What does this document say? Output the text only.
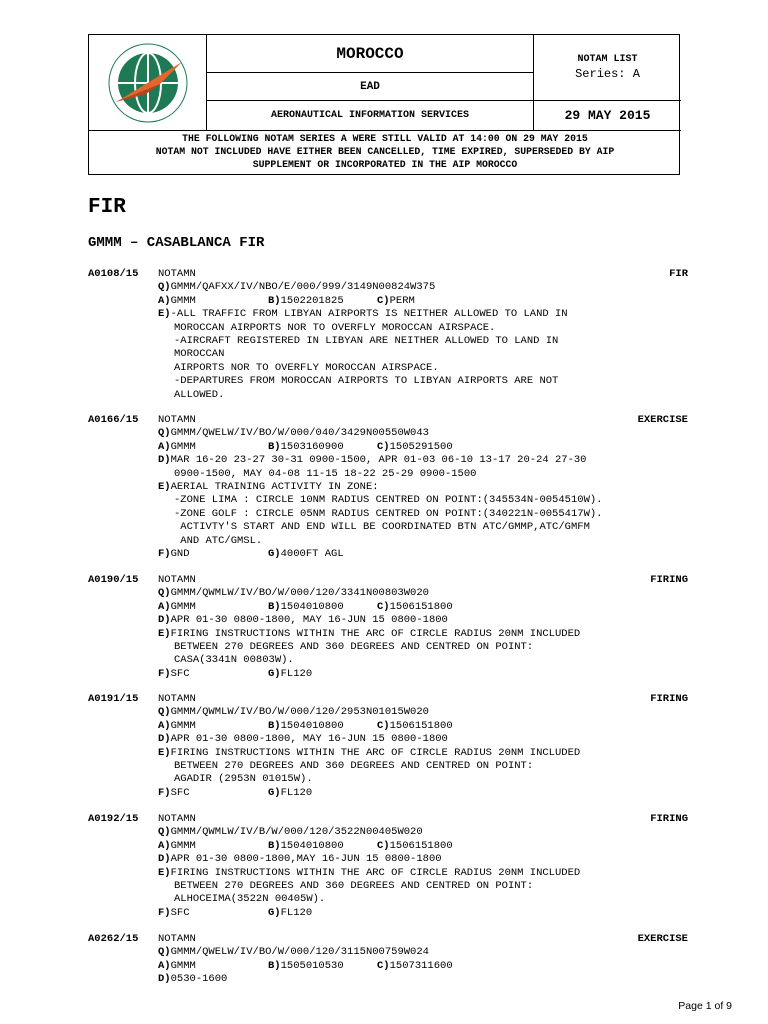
MOROCCO
EAD
AERONAUTICAL INFORMATION SERVICES
NOTAM LIST
Series: A
29 MAY 2015
THE FOLLOWING NOTAM SERIES A WERE STILL VALID AT 14:00 ON 29 MAY 2015
NOTAM NOT INCLUDED HAVE EITHER BEEN CANCELLED, TIME EXPIRED, SUPERSEDED BY AIP
SUPPLEMENT OR INCORPORATED IN THE AIP MOROCCO
FIR
GMMM – CASABLANCA FIR
A0108/15 NOTAMN	FIR
Q)GMMM/QAFXX/IV/NBO/E/000/999/3149N00824W375
A)GMMM	B)1502201825	C)PERM
E)-ALL TRAFFIC FROM LIBYAN AIRPORTS IS NEITHER ALLOWED TO LAND IN
MOROCCAN AIRPORTS NOR TO OVERFLY MOROCCAN AIRSPACE.
-AIRCRAFT REGISTERED IN LIBYAN ARE NEITHER ALLOWED TO LAND IN
MOROCCAN
AIRPORTS NOR TO OVERFLY MOROCCAN AIRSPACE.
-DEPARTURES FROM MOROCCAN AIRPORTS TO LIBYAN AIRPORTS ARE NOT
ALLOWED.
A0166/15 NOTAMN	EXERCISE
Q)GMMM/QWELW/IV/BO/W/000/040/3429N00550W043
A)GMMM	B)1503160900	C)1505291500
D)MAR 16-20 23-27 30-31 0900-1500, APR 01-03 06-10 13-17 20-24 27-30
0900-1500, MAY 04-08 11-15 18-22 25-29 0900-1500
E)AERIAL TRAINING ACTIVITY IN ZONE:
-ZONE LIMA : CIRCLE 10NM RADIUS CENTRED ON POINT:(345534N-0054510W).
-ZONE GOLF : CIRCLE 05NM RADIUS CENTRED ON POINT:(340221N-0055417W).
ACTIVTY'S START AND END WILL BE COORDINATED BTN ATC/GMMP,ATC/GMFM
AND ATC/GMSL.
F)GND	G)4000FT AGL
A0190/15 NOTAMN	FIRING
Q)GMMM/QWMLW/IV/BO/W/000/120/3341N00803W020
A)GMMM	B)1504010800	C)1506151800
D)APR 01-30 0800-1800, MAY 16-JUN 15 0800-1800
E)FIRING INSTRUCTIONS WITHIN THE ARC OF CIRCLE RADIUS 20NM INCLUDED
BETWEEN 270 DEGREES AND 360 DEGREES AND CENTRED ON POINT:
CASA(3341N 00803W).
F)SFC	G)FL120
A0191/15 NOTAMN	FIRING
Q)GMMM/QWMLW/IV/BO/W/000/120/2953N01015W020
A)GMMM	B)1504010800	C)1506151800
D)APR 01-30 0800-1800, MAY 16-JUN 15 0800-1800
E)FIRING INSTRUCTIONS WITHIN THE ARC OF CIRCLE RADIUS 20NM INCLUDED
BETWEEN 270 DEGREES AND 360 DEGREES AND CENTRED ON POINT:
AGADIR (2953N 01015W).
F)SFC	G)FL120
A0192/15 NOTAMN	FIRING
Q)GMMM/QWMLW/IV/B/W/000/120/3522N00405W020
A)GMMM	B)1504010800	C)1506151800
D)APR 01-30 0800-1800,MAY 16-JUN 15 0800-1800
E)FIRING INSTRUCTIONS WITHIN THE ARC OF CIRCLE RADIUS 20NM INCLUDED
BETWEEN 270 DEGREES AND 360 DEGREES AND CENTRED ON POINT:
ALHOCEIMA(3522N 00405W).
F)SFC	G)FL120
A0262/15 NOTAMN	EXERCISE
Q)GMMM/QWELW/IV/BO/W/000/120/3115N00759W024
A)GMMM	B)1505010530	C)1507311600
D)0530-1600
Page 1 of 9
